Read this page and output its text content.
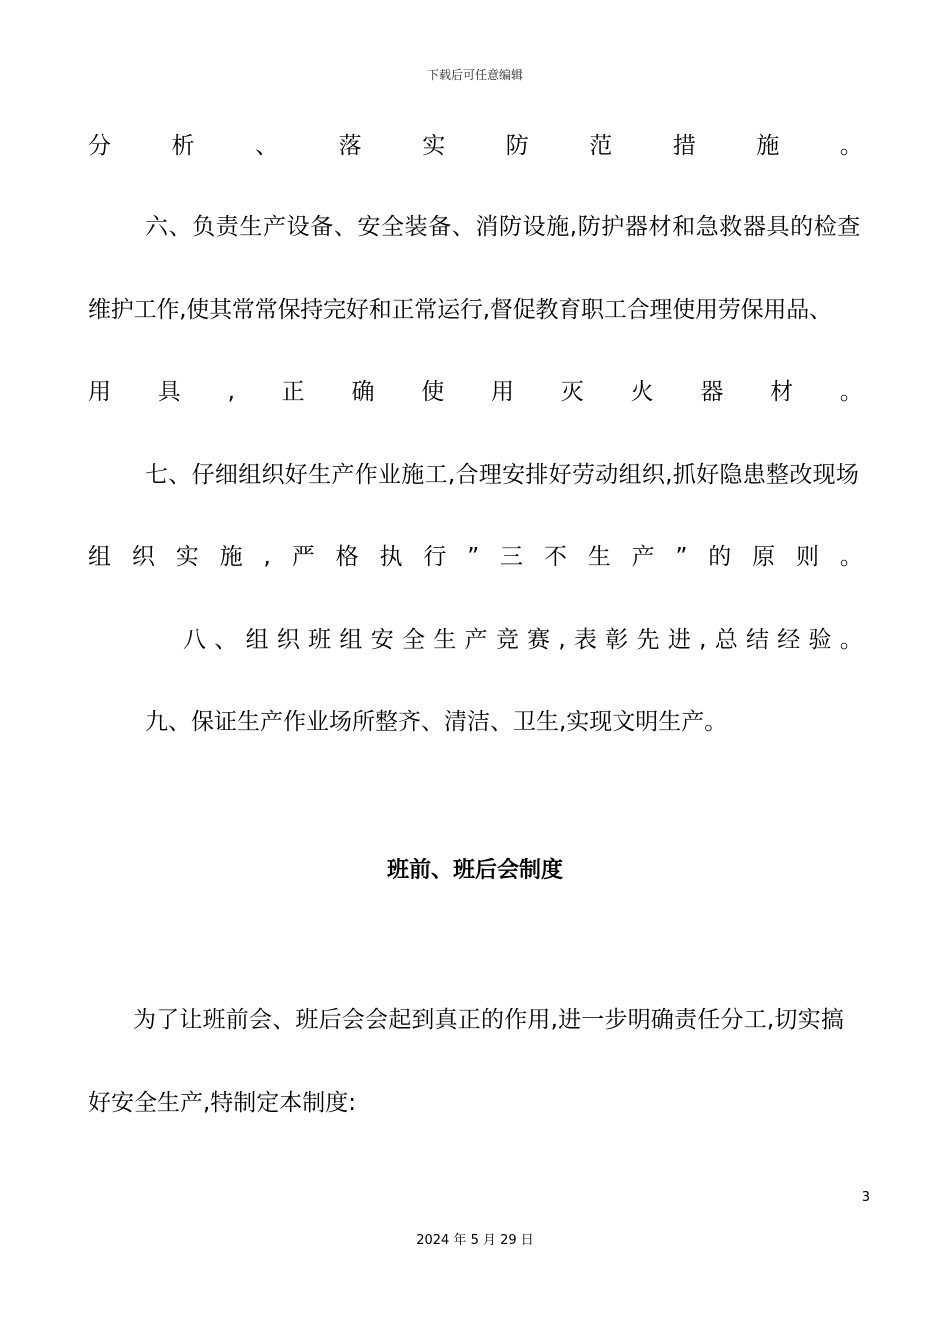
下载后可任意编辑
分	析	、	落	实	防	范	措	施	。
六、负责生产设备、安全装备、消防设施,防护器材和急救器具的检查
维护工作,使其常常保持完好和正常运行,督促教育职工合理使用劳保用品、
用 具 , 正 确 使 用 灭 火 器 材 。
七、仔细组织好生产作业施工,合理安排好劳动组织,抓好隐患整改现场
组 织 实 施 , 严 格 执 行 ” 三 不 生 产 ” 的 原 则 。
八 、 组 织 班 组 安 全 生 产 竞 赛 , 表 彰 先 进 , 总 结 经 验 。
九、保证生产作业场所整齐、清洁、卫生,实现文明生产。
班前、班后会制度
为了让班前会、班后会会起到真正的作用,进一步明确责任分工,切实搞
好安全生产,特制定本制度:
3
2024 年 5 月 29 日
